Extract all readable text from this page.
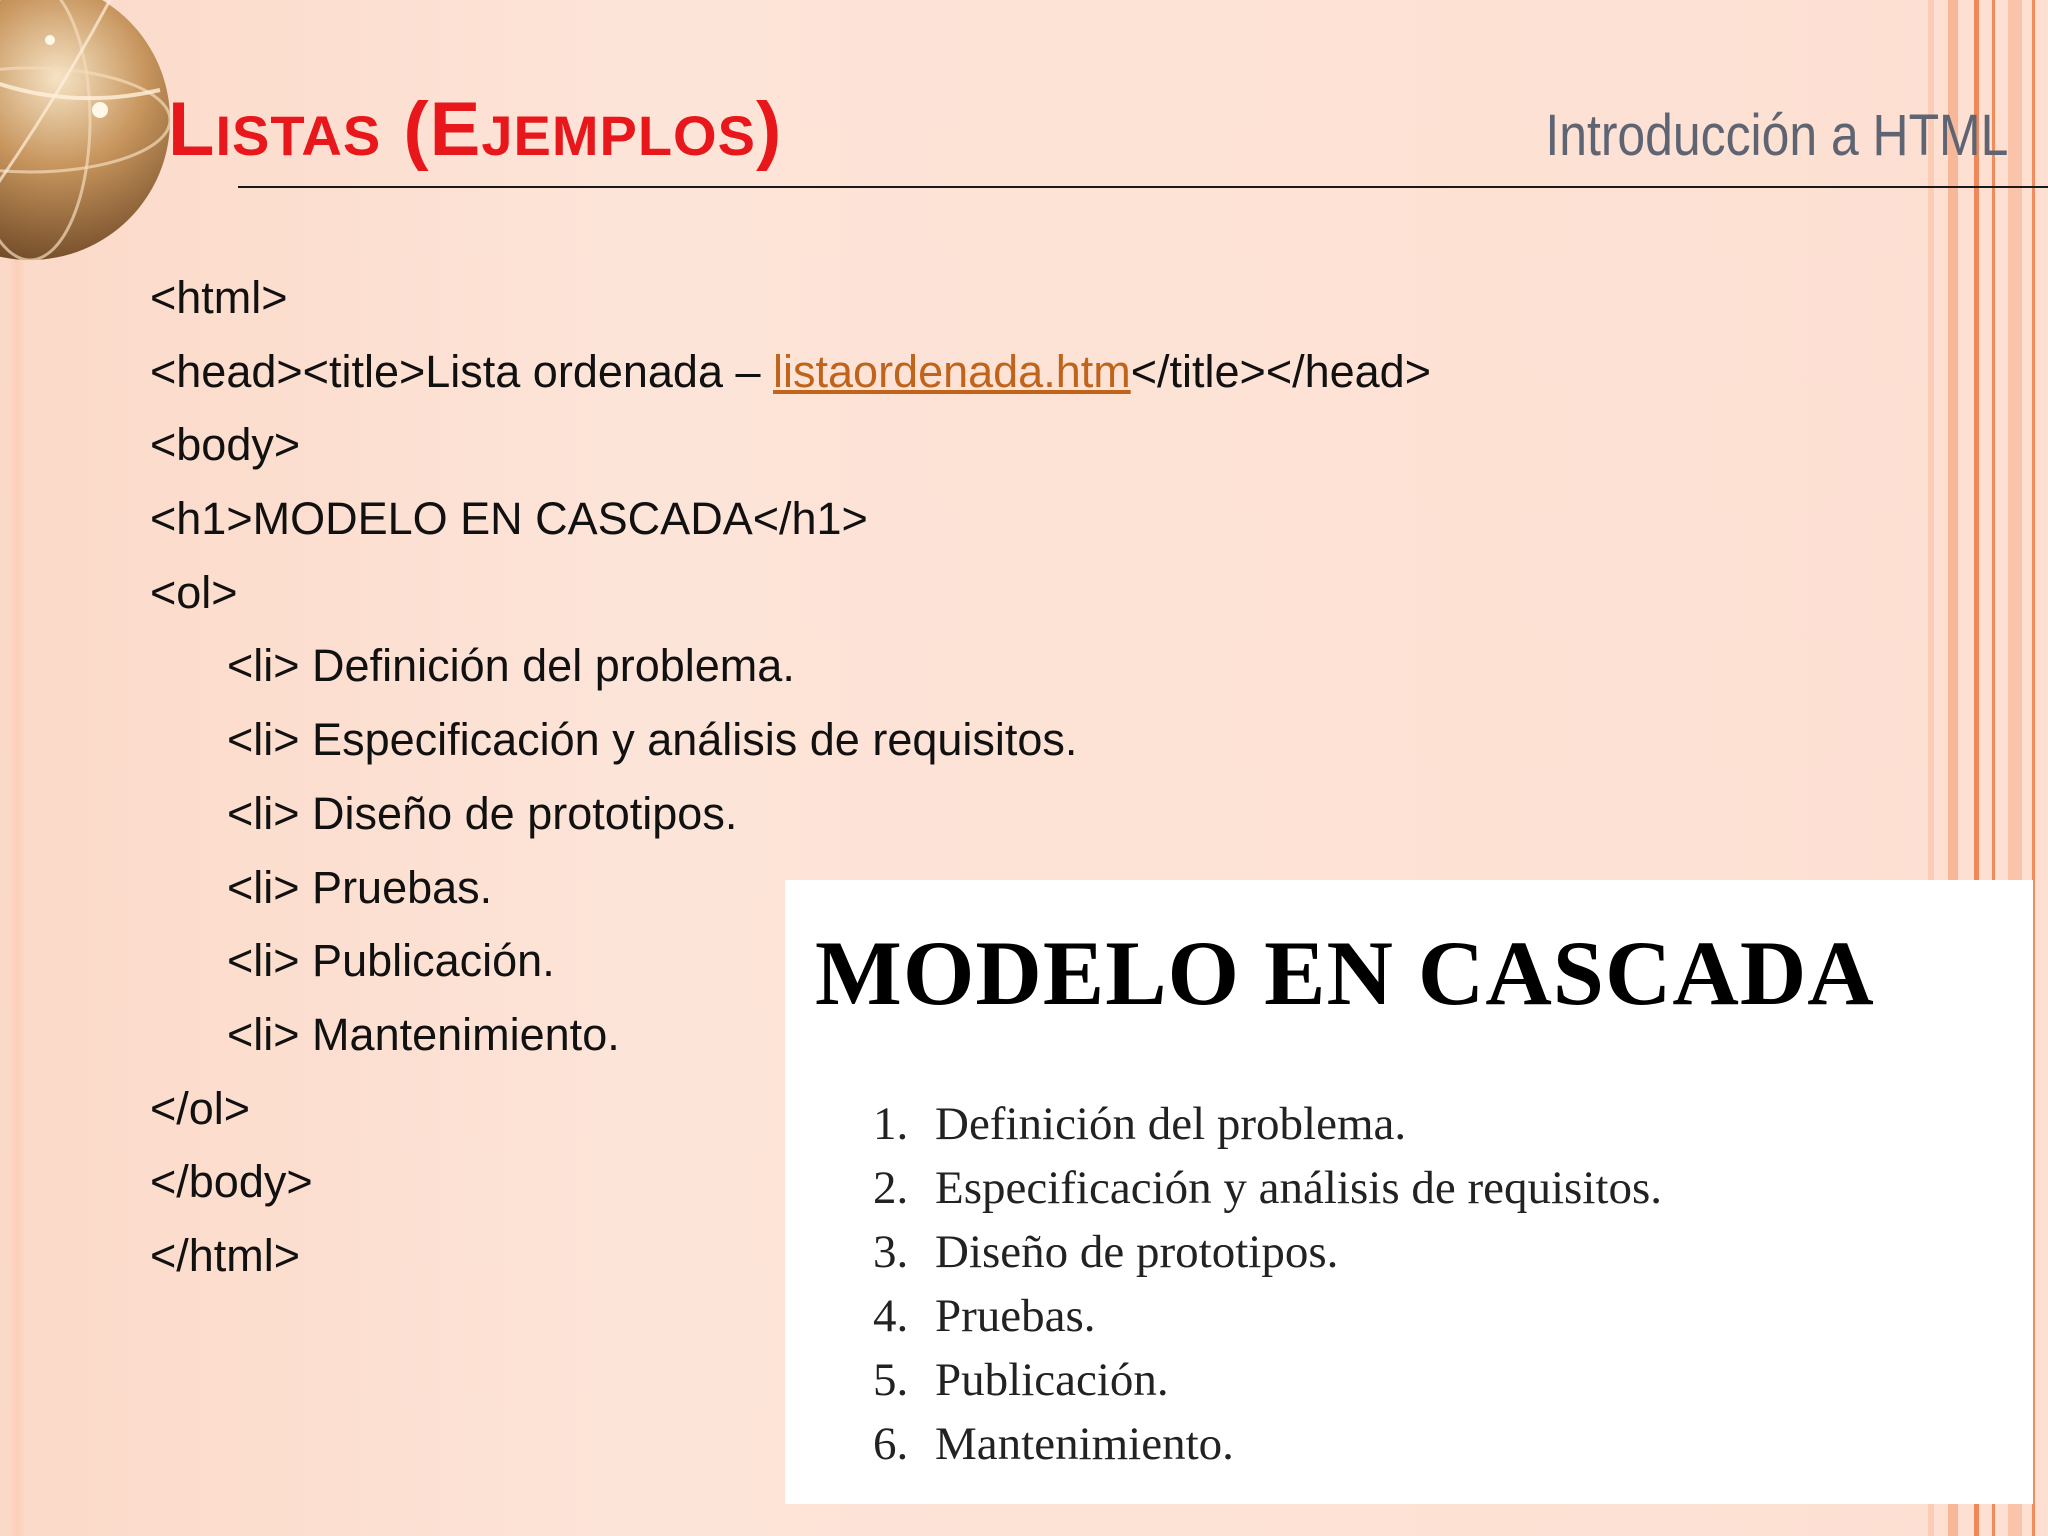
LISTAS (EJEMPLOS)	Introducción a HTML
<html>
<head><title>Lista ordenada – listaordenada.htm</title></head>
<body>
<h1>MODELO EN CASCADA</h1>
<ol>
<li> Definición del problema.
<li> Especificación y análisis de requisitos.
<li> Diseño de prototipos.
<li> Pruebas.
<li> Publicación.
<li> Mantenimiento.
</ol>
</body>
</html>
MODELO EN CASCADA
1. Definición del problema.
2. Especificación y análisis de requisitos.
3. Diseño de prototipos.
4. Pruebas.
5. Publicación.
6. Mantenimiento.
